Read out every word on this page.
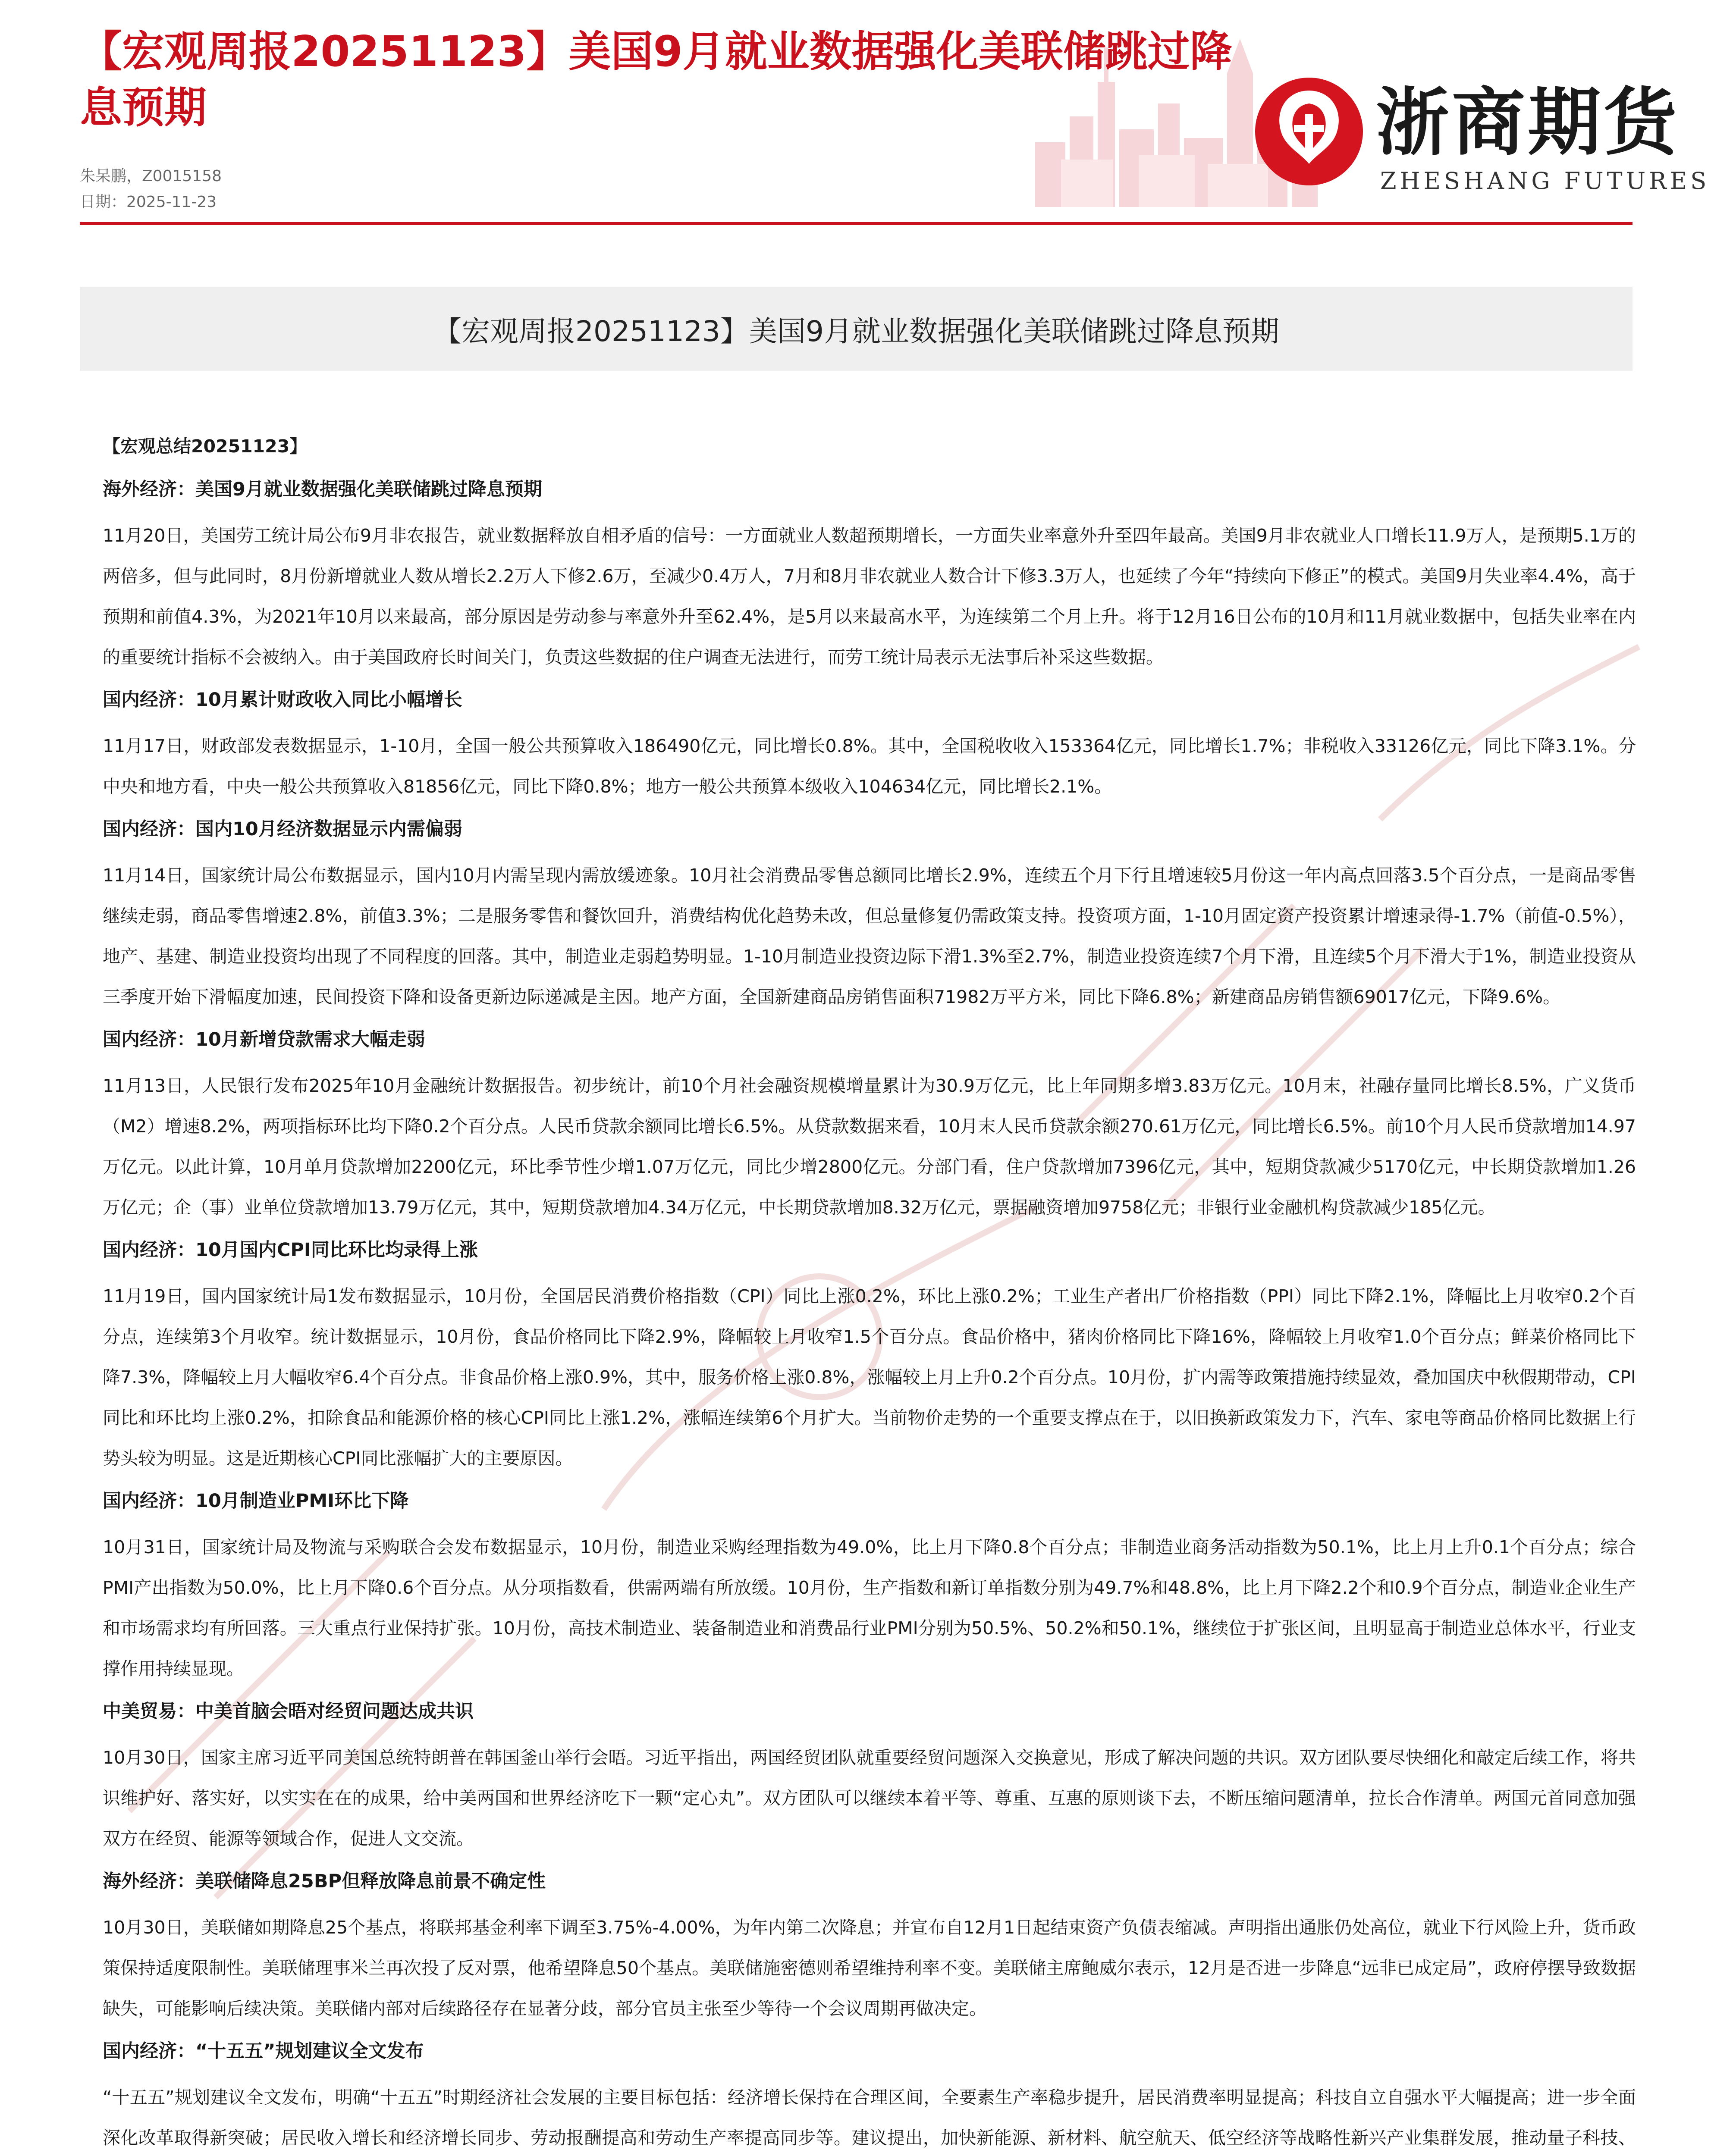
【宏观周报20251123】美国9月就业数据强化美联储跳过降息预期
朱呆鹏，Z0015158
日期：2025-11-23
浙商期货
ZHESHANG FUTURES
【宏观周报20251123】美国9月就业数据强化美联储跳过降息预期
【宏观总结20251123】
海外经济：美国9月就业数据强化美联储跳过降息预期

11月20日，美国劳工统计局公布9月非农报告，就业数据释放自相矛盾的信号：一方面就业人数超预期增长，一方面失业率意外升至四年最高。美国9月非农就业人口增长11.9万人，是预期5.1万的两倍多，但与此同时，8月份新增就业人数从增长2.2万人下修2.6万，至减少0.4万人，7月和8月非农就业人数合计下修3.3万人，也延续了今年“持续向下修正”的模式。美国9月失业率4.4%，高于预期和前值4.3%，为2021年10月以来最高，部分原因是劳动参与率意外升至62.4%，是5月以来最高水平，为连续第二个月上升。将于12月16日公布的10月和11月就业数据中，包括失业率在内的重要统计指标不会被纳入。由于美国政府长时间关门，负责这些数据的住户调查无法进行，而劳工统计局表示无法事后补采这些数据。

国内经济：10月累计财政收入同比小幅增长

11月17日，财政部发表数据显示，1-10月，全国一般公共预算收入186490亿元，同比增长0.8%。其中，全国税收收入153364亿元，同比增长1.7%；非税收入33126亿元，同比下降3.1%。分中央和地方看，中央一般公共预算收入81856亿元，同比下降0.8%；地方一般公共预算本级收入104634亿元，同比增长2.1%。

国内经济：国内10月经济数据显示内需偏弱

11月14日，国家统计局公布数据显示，国内10月内需呈现内需放缓迹象。10月社会消费品零售总额同比增长2.9%，连续五个月下行且增速较5月份这一年内高点回落3.5个百分点，一是商品零售继续走弱，商品零售增速2.8%，前值3.3%；二是服务零售和餐饮回升，消费结构优化趋势未改，但总量修复仍需政策支持。投资项方面，1-10月固定资产投资累计增速录得-1.7%（前值-0.5%），地产、基建、制造业投资均出现了不同程度的回落。其中，制造业走弱趋势明显。1-10月制造业投资边际下滑1.3%至2.7%，制造业投资连续7个月下滑，且连续5个月下滑大于1%，制造业投资从三季度开始下滑幅度加速，民间投资下降和设备更新边际递减是主因。地产方面，全国新建商品房销售面积71982万平方米，同比下降6.8%；新建商品房销售额69017亿元，下降9.6%。

国内经济：10月新增贷款需求大幅走弱

11月13日，人民银行发布2025年10月金融统计数据报告。初步统计，前10个月社会融资规模增量累计为30.9万亿元，比上年同期多增3.83万亿元。10月末，社融存量同比增长8.5%，广义货币（M2）增速8.2%，两项指标环比均下降0.2个百分点。人民币贷款余额同比增长6.5%。从贷款数据来看，10月末人民币贷款余额270.61万亿元，同比增长6.5%。前10个月人民币贷款增加14.97万亿元。以此计算，10月单月贷款增加2200亿元，环比季节性少增1.07万亿元，同比少增2800亿元。分部门看，住户贷款增加7396亿元，其中，短期贷款减少5170亿元，中长期贷款增加1.26万亿元；企（事）业单位贷款增加13.79万亿元，其中，短期贷款增加4.34万亿元，中长期贷款增加8.32万亿元，票据融资增加9758亿元；非银行业金融机构贷款减少185亿元。

国内经济：10月国内CPI同比环比均录得上涨

11月19日，国内国家统计局1发布数据显示，10月份，全国居民消费价格指数（CPI）同比上涨0.2%，环比上涨0.2%；工业生产者出厂价格指数（PPI）同比下降2.1%，降幅比上月收窄0.2个百分点，连续第3个月收窄。统计数据显示，10月份，食品价格同比下降2.9%，降幅较上月收窄1.5个百分点。食品价格中，猪肉价格同比下降16%，降幅较上月收窄1.0个百分点；鲜菜价格同比下降7.3%，降幅较上月大幅收窄6.4个百分点。非食品价格上涨0.9%，其中，服务价格上涨0.8%，涨幅较上月上升0.2个百分点。10月份，扩内需等政策措施持续显效，叠加国庆中秋假期带动，CPI同比和环比均上涨0.2%，扣除食品和能源价格的核心CPI同比上涨1.2%，涨幅连续第6个月扩大。当前物价走势的一个重要支撑点在于，以旧换新政策发力下，汽车、家电等商品价格同比数据上行势头较为明显。这是近期核心CPI同比涨幅扩大的主要原因。

国内经济：10月制造业PMI环比下降

10月31日，国家统计局及物流与采购联合会发布数据显示，10月份，制造业采购经理指数为49.0%，比上月下降0.8个百分点；非制造业商务活动指数为50.1%，比上月上升0.1个百分点；综合PMI产出指数为50.0%，比上月下降0.6个百分点。从分项指数看，供需两端有所放缓。10月份，生产指数和新订单指数分别为49.7%和48.8%，比上月下降2.2个和0.9个百分点，制造业企业生产和市场需求均有所回落。三大重点行业保持扩张。10月份，高技术制造业、装备制造业和消费品行业PMI分别为50.5%、50.2%和50.1%，继续位于扩张区间，且明显高于制造业总体水平，行业支撑作用持续显现。

中美贸易：中美首脑会晤对经贸问题达成共识

10月30日，国家主席习近平同美国总统特朗普在韩国釜山举行会晤。习近平指出，两国经贸团队就重要经贸问题深入交换意见，形成了解决问题的共识。双方团队要尽快细化和敲定后续工作，将共识维护好、落实好，以实实在在的成果，给中美两国和世界经济吃下一颗“定心丸”。双方团队可以继续本着平等、尊重、互惠的原则谈下去，不断压缩问题清单，拉长合作清单。两国元首同意加强双方在经贸、能源等领域合作，促进人文交流。

海外经济：美联储降息25BP但释放降息前景不确定性

10月30日，美联储如期降息25个基点，将联邦基金利率下调至3.75%-4.00%，为年内第二次降息；并宣布自12月1日起结束资产负债表缩减。声明指出通胀仍处高位，就业下行风险上升，货币政策保持适度限制性。美联储理事米兰再次投了反对票，他希望降息50个基点。美联储施密德则希望维持利率不变。美联储主席鲍威尔表示，12月是否进一步降息“远非已成定局”，政府停摆导致数据缺失，可能影响后续决策。美联储内部对后续路径存在显著分歧，部分官员主张至少等待一个会议周期再做决定。

国内经济：“十五五”规划建议全文发布

“十五五”规划建议全文发布，明确“十五五”时期经济社会发展的主要目标包括：经济增长保持在合理区间，全要素生产率稳步提升，居民消费率明显提高；科技自立自强水平大幅提高；进一步全面深化改革取得新突破；居民收入增长和经济增长同步、劳动报酬提高和劳动生产率提高同步等。建议提出，加快新能源、新材料、航空航天、低空经济等战略性新兴产业集群发展，推动量子科技、
